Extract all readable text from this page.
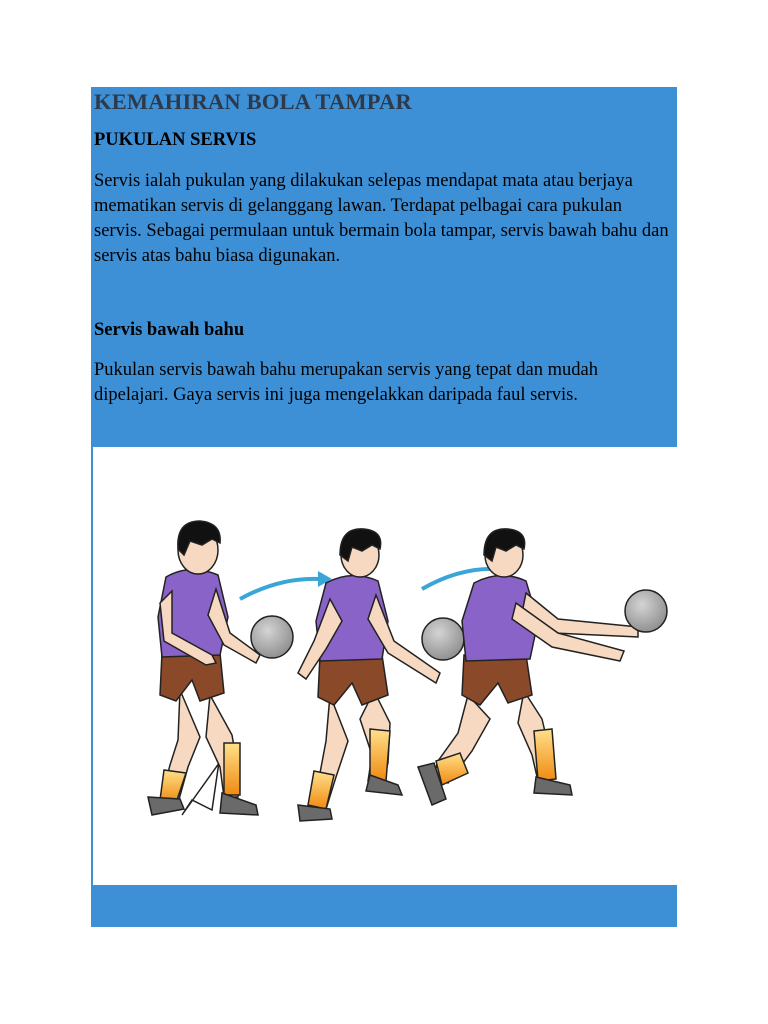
KEMAHIRAN BOLA TAMPAR
PUKULAN SERVIS

Servis ialah pukulan yang dilakukan selepas mendapat mata atau berjaya mematikan servis di gelanggang lawan. Terdapat pelbagai cara pukulan servis. Sebagai permulaan untuk bermain bola tampar, servis bawah bahu dan servis atas bahu biasa digunakan.

Servis bawah bahu

Pukulan servis bawah bahu merupakan servis yang tepat dan mudah dipelajari. Gaya servis ini juga mengelakkan daripada faul servis.
